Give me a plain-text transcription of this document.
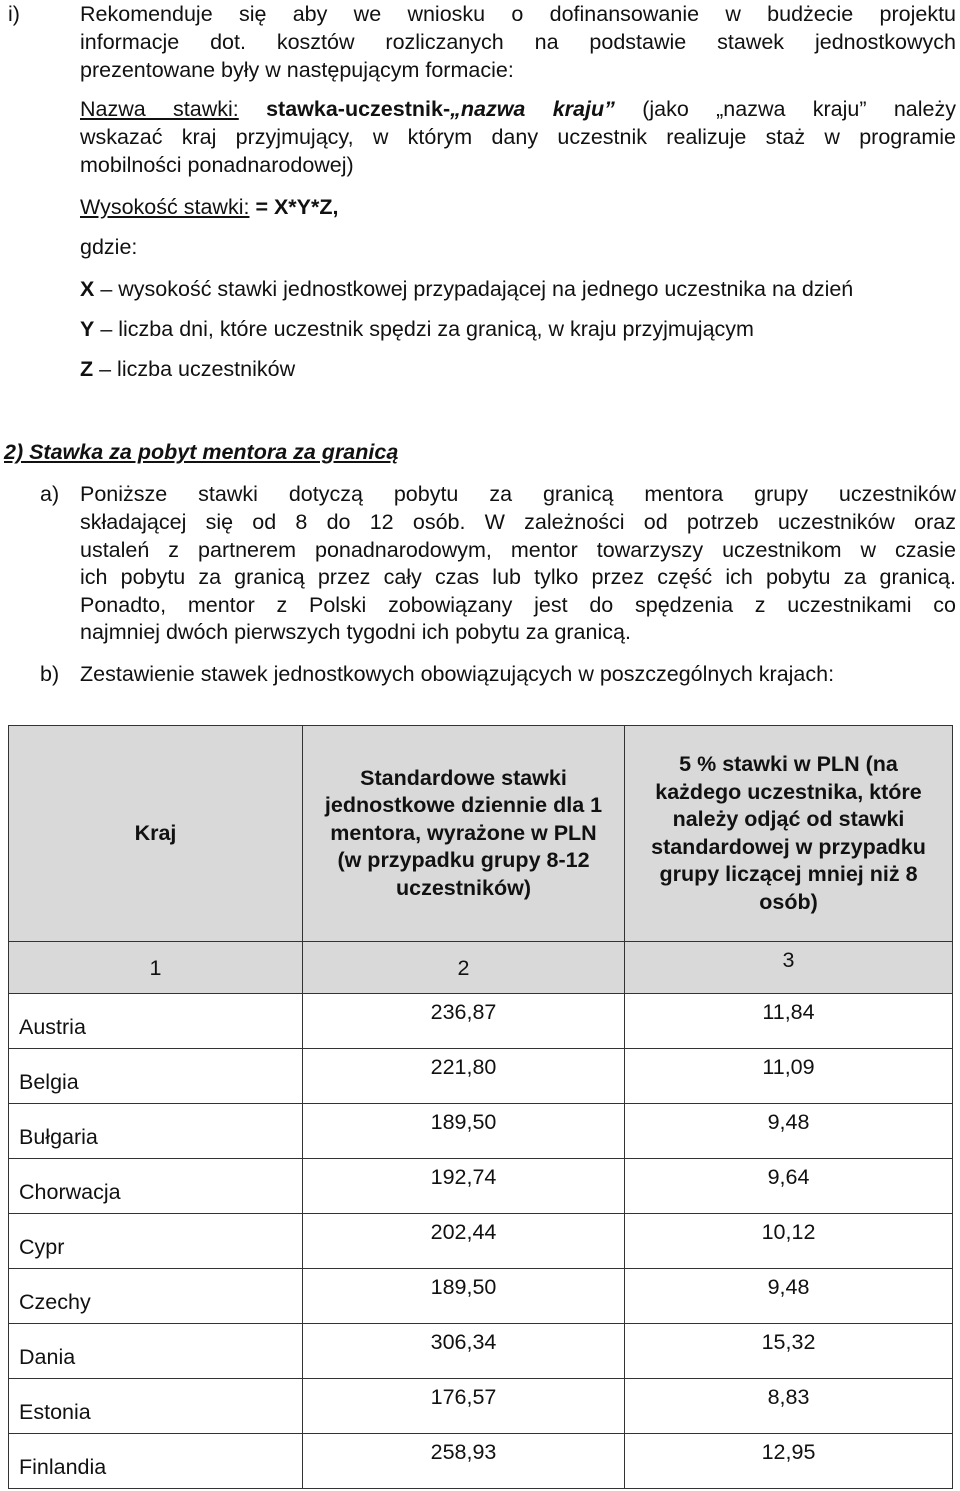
i)	Rekomenduje się aby we wniosku o dofinansowanie w budżecie projektu
informacje dot. kosztów rozliczanych na podstawie stawek jednostkowych
prezentowane były w następującym formacie:
Nazwa stawki: stawka-uczestnik-„nazwa kraju” (jako „nazwa kraju” należy
wskazać kraj przyjmujący, w którym dany uczestnik realizuje staż w programie
mobilności ponadnarodowej)
Wysokość stawki: = X*Y*Z,
gdzie:
X – wysokość stawki jednostkowej przypadającej na jednego uczestnika na dzień
Y – liczba dni, które uczestnik spędzi za granicą, w kraju przyjmującym
Z – liczba uczestników
2) Stawka za pobyt mentora za granicą
a) Poniższe stawki dotyczą pobytu za granicą mentora grupy uczestników
składającej się od 8 do 12 osób. W zależności od potrzeb uczestników oraz
ustaleń z partnerem ponadnarodowym, mentor towarzyszy uczestnikom w czasie
ich pobytu za granicą przez cały czas lub tylko przez część ich pobytu za granicą.
Ponadto, mentor z Polski zobowiązany jest do spędzenia z uczestnikami co
najmniej dwóch pierwszych tygodni ich pobytu za granicą.
b) Zestawienie stawek jednostkowych obowiązujących w poszczególnych krajach:
Kraj	Standardowe stawki jednostkowe dziennie dla 1 mentora, wyrażone w PLN (w przypadku grupy 8-12 uczestników)	5 % stawki w PLN (na każdego uczestnika, które należy odjąć od stawki standardowej w przypadku grupy liczącej mniej niż 8 osób)
1	2	3
Austria	236,87	11,84
Belgia	221,80	11,09
Bułgaria	189,50	9,48
Chorwacja	192,74	9,64
Cypr	202,44	10,12
Czechy	189,50	9,48
Dania	306,34	15,32
Estonia	176,57	8,83
Finlandia	258,93	12,95
